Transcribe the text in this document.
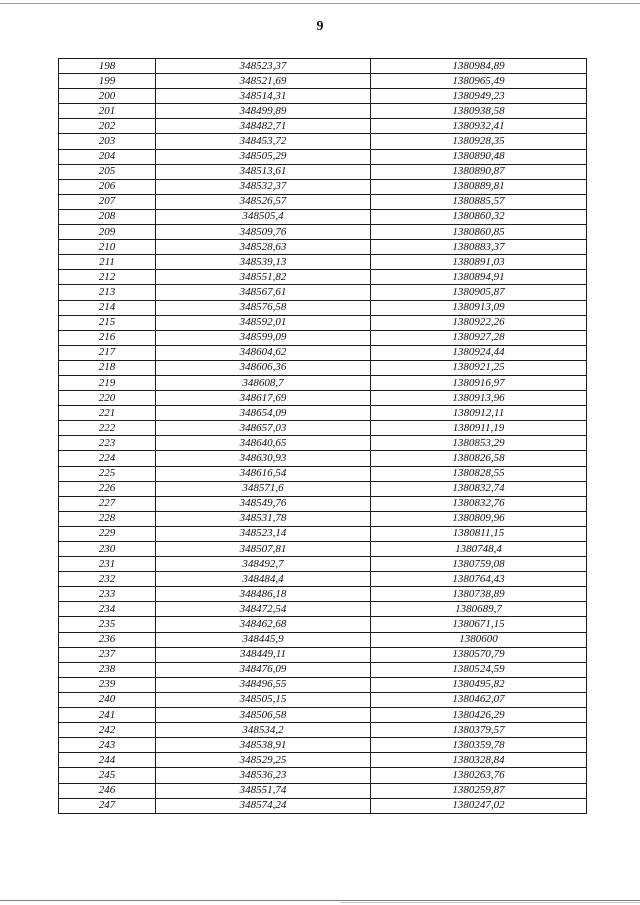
9
198	348523,37	1380984,89
199	348521,69	1380965,49
200	348514,31	1380949,23
201	348499,89	1380938,58
202	348482,71	1380932,41
203	348453,72	1380928,35
204	348505,29	1380890,48
205	348513,61	1380890,87
206	348532,37	1380889,81
207	348526,57	1380885,57
208	348505,4	1380860,32
209	348509,76	1380860,85
210	348528,63	1380883,37
211	348539,13	1380891,03
212	348551,82	1380894,91
213	348567,61	1380905,87
214	348576,58	1380913,09
215	348592,01	1380922,26
216	348599,09	1380927,28
217	348604,62	1380924,44
218	348606,36	1380921,25
219	348608,7	1380916,97
220	348617,69	1380913,96
221	348654,09	1380912,11
222	348657,03	1380911,19
223	348640,65	1380853,29
224	348630,93	1380826,58
225	348616,54	1380828,55
226	348571,6	1380832,74
227	348549,76	1380832,76
228	348531,78	1380809,96
229	348523,14	1380811,15
230	348507,81	1380748,4
231	348492,7	1380759,08
232	348484,4	1380764,43
233	348486,18	1380738,89
234	348472,54	1380689,7
235	348462,68	1380671,15
236	348445,9	1380600
237	348449,11	1380570,79
238	348476,09	1380524,59
239	348496,55	1380495,82
240	348505,15	1380462,07
241	348506,58	1380426,29
242	348534,2	1380379,57
243	348538,91	1380359,78
244	348529,25	1380328,84
245	348536,23	1380263,76
246	348551,74	1380259,87
247	348574,24	1380247,02
